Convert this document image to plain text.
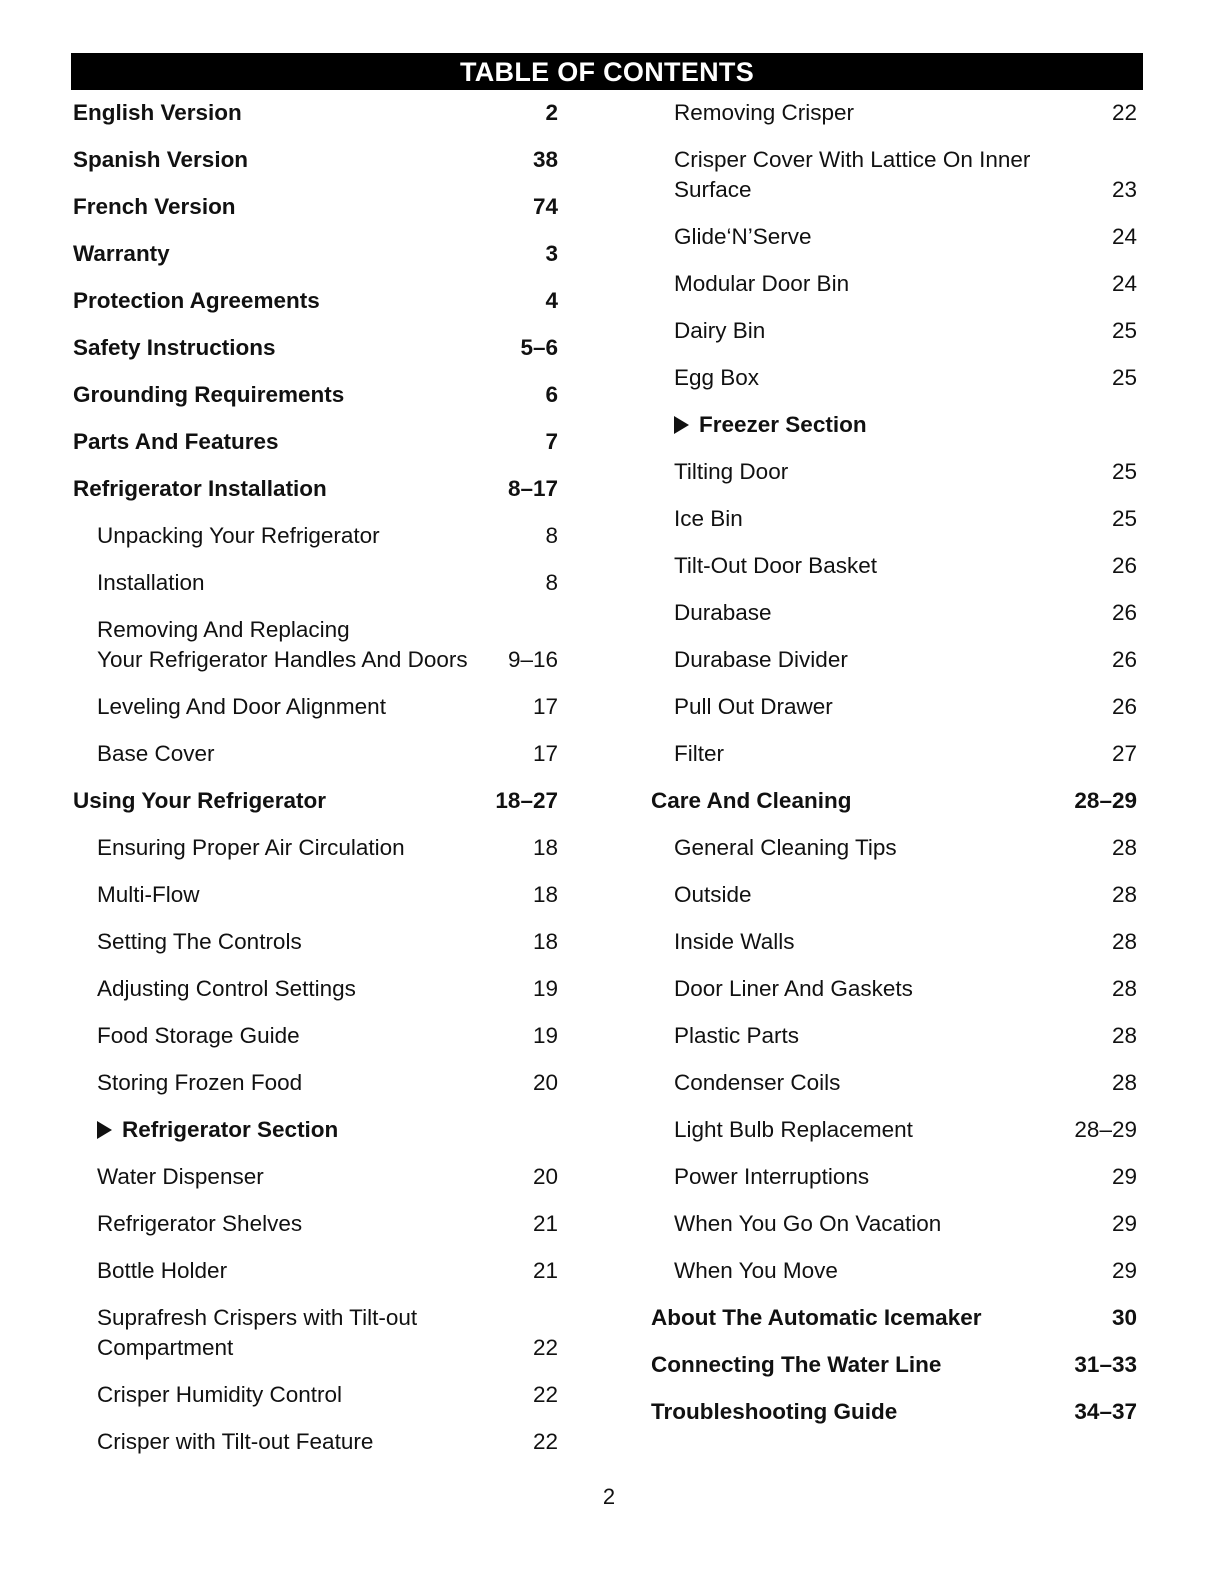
TABLE OF CONTENTS
English Version	2
Spanish Version	38
French Version	74
Warranty	3
Protection Agreements	4
Safety Instructions	5–6
Grounding Requirements	6
Parts And Features	7
Refrigerator Installation	8–17
Unpacking Your Refrigerator	8
Installation	8
Removing And Replacing
Your Refrigerator Handles And Doors	9–16
Leveling And Door Alignment	17
Base Cover	17
Using Your Refrigerator	18–27
Ensuring Proper Air Circulation	18
Multi-Flow	18
Setting The Controls	18
Adjusting Control Settings	19
Food Storage Guide	19
Storing Frozen Food	20
Refrigerator Section
Water Dispenser	20
Refrigerator Shelves	21
Bottle Holder	21
Suprafresh Crispers with Tilt-out
Compartment	22
Crisper Humidity Control	22
Crisper with Tilt-out Feature	22
Removing Crisper	22
Crisper Cover With Lattice On Inner
Surface	23
Glide‘N’Serve	24
Modular Door Bin	24
Dairy Bin	25
Egg Box	25
Freezer Section
Tilting Door	25
Ice Bin	25
Tilt-Out Door Basket	26
Durabase	26
Durabase Divider	26
Pull Out Drawer	26
Filter	27
Care And Cleaning	28–29
General Cleaning Tips	28
Outside	28
Inside Walls	28
Door Liner And Gaskets	28
Plastic Parts	28
Condenser Coils	28
Light Bulb Replacement	28–29
Power Interruptions	29
When You Go On Vacation	29
When You Move	29
About The Automatic Icemaker	30
Connecting The Water Line	31–33
Troubleshooting Guide	34–37
2
